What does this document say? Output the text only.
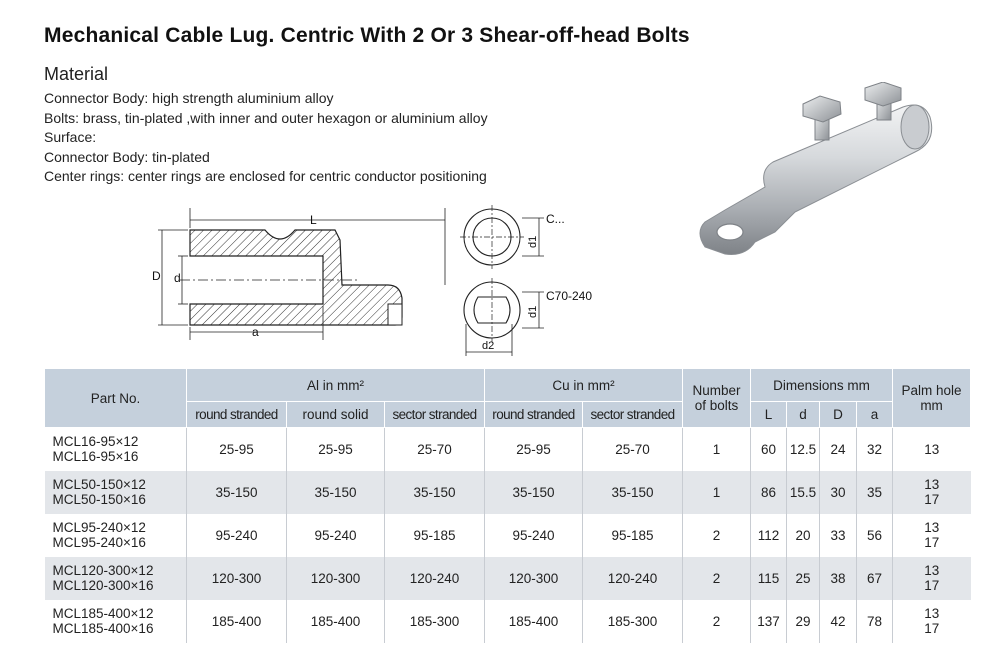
Mechanical Cable Lug. Centric With 2 Or 3 Shear-off-head Bolts
Material
Connector Body: high strength aluminium alloy
Bolts: brass, tin-plated ,with inner and outer hexagon or aluminium alloy
Surface:
Connector Body: tin-plated
Center rings: center rings are enclosed for centric conductor positioning
L
D d
a
d1
C...
d1
C70-240
d2
Part No.	Al in mm²			Cu in mm²		Number
of bolts	Dimensions mm				Palm hole
mm

	round stranded	round solid	sector stranded	round stranded	sector stranded		L	d	D	a	

MCL16-95×12
MCL16-95×16	25-95	25-95	25-70	25-95	25-70	1	60	12.5	24	32	13

MCL50-150×12
MCL50-150×16	35-150	35-150	35-150	35-150	35-150	1	86	15.5	30	35	13
17

MCL95-240×12
MCL95-240×16	95-240	95-240	95-185	95-240	95-185	2	112	20	33	56	13
17

MCL120-300×12
MCL120-300×16	120-300	120-300	120-240	120-300	120-240	2	115	25	38	67	13
17

MCL185-400×12
MCL185-400×16	185-400	185-400	185-300	185-400	185-300	2	137	29	42	78	13
17
